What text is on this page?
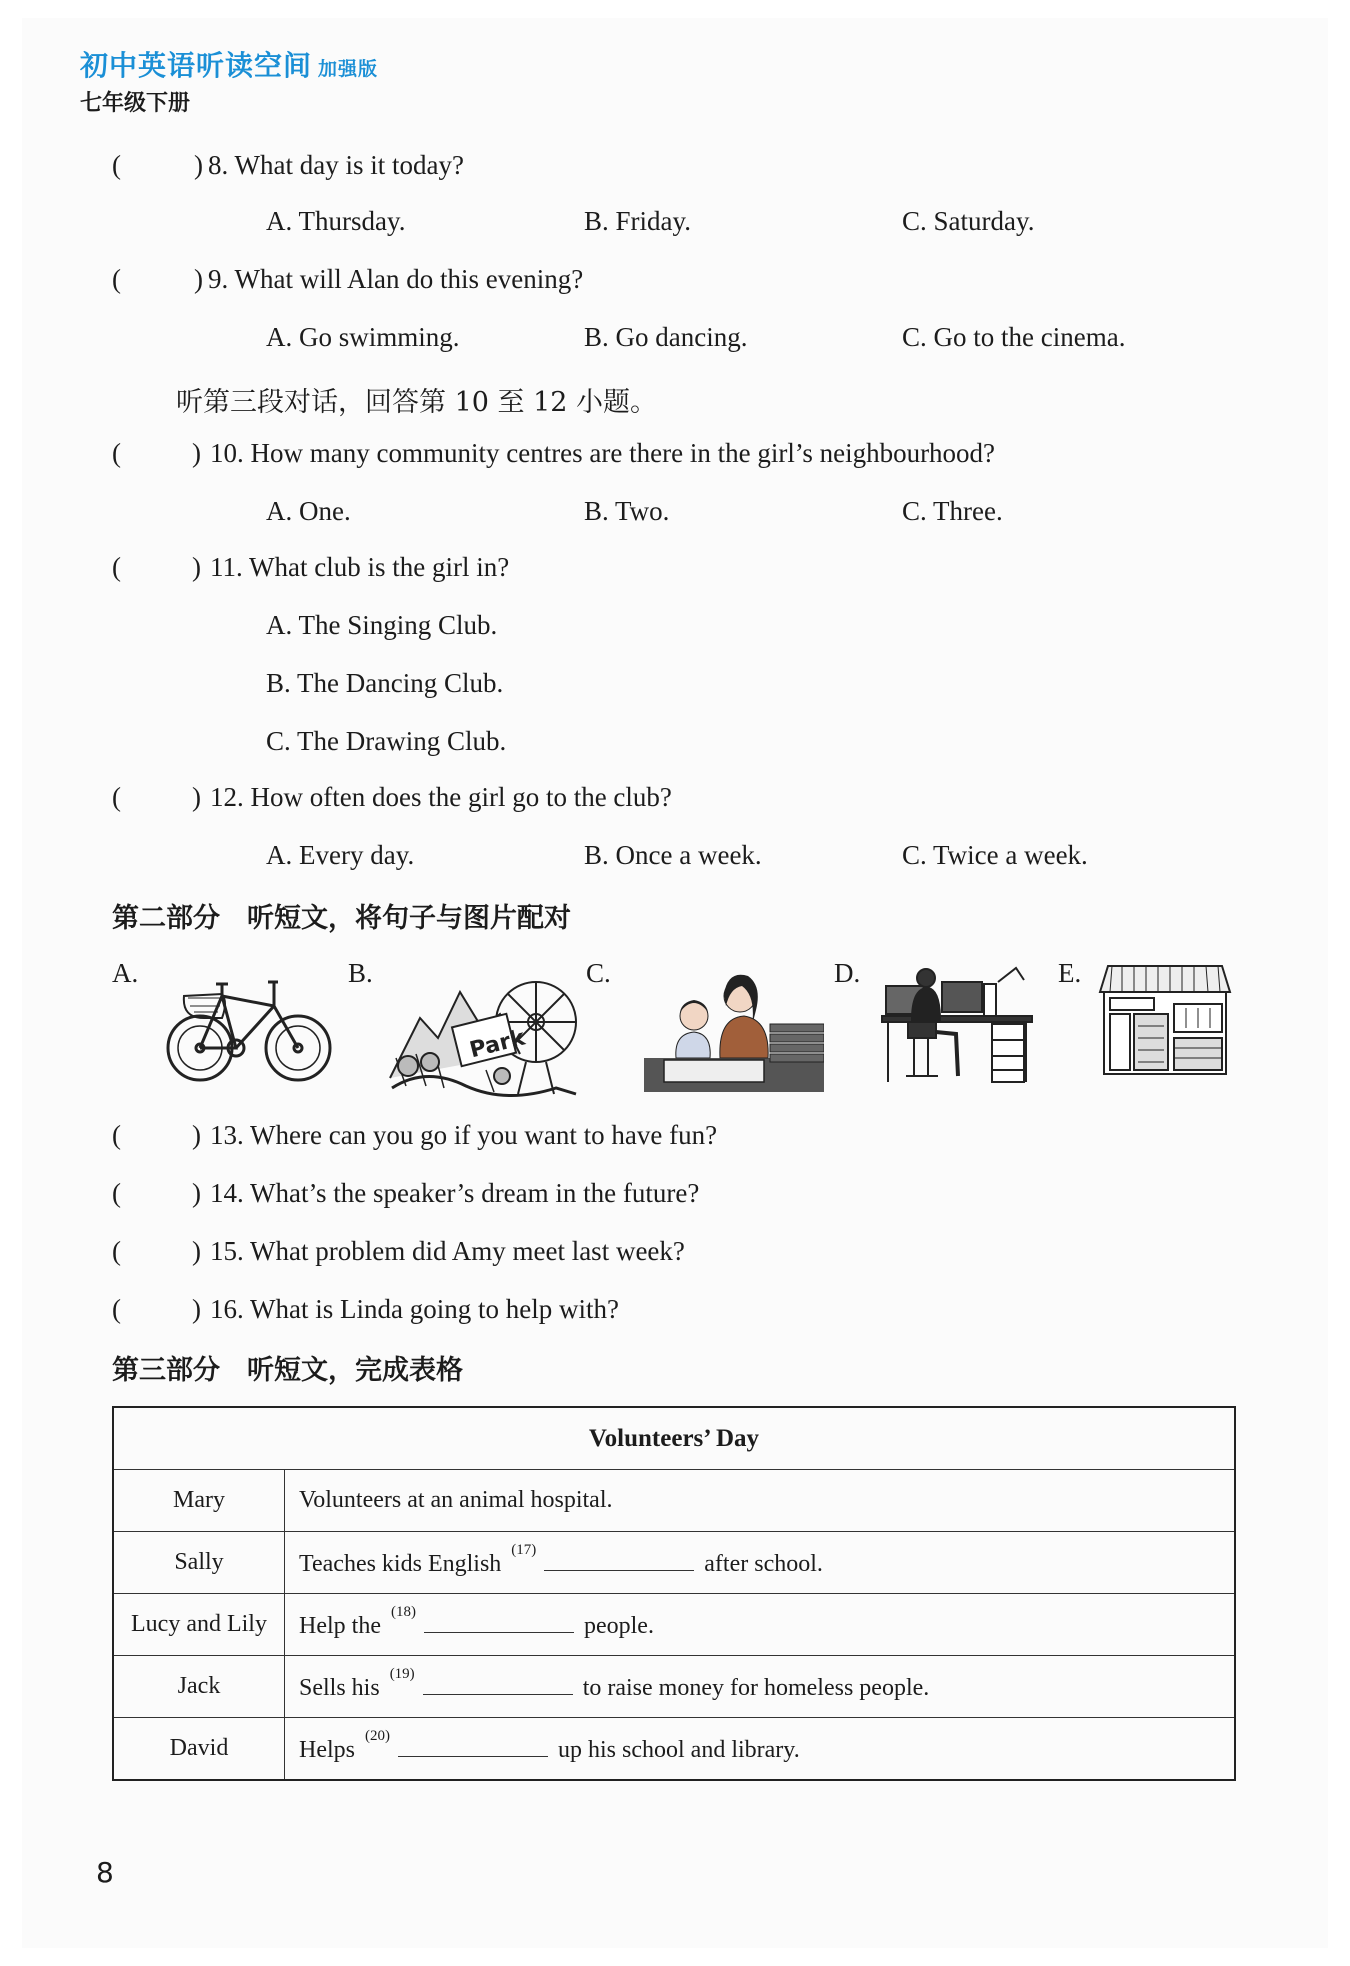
初中英语听读空间 加强版
七年级下册
(	) 8. What day is it today?
A. Thursday.	B. Friday.	C. Saturday.
(	) 9. What will Alan do this evening?
A. Go swimming.	B. Go dancing.	C. Go to the cinema.
听第三段对话，回答第 10 至 12 小题。
(	) 10. How many community centres are there in the girl’s neighbourhood?
A. One.	B. Two.	C. Three.
(	) 11. What club is the girl in?
A. The Singing Club.
B. The Dancing Club.
C. The Drawing Club.
(	) 12. How often does the girl go to the club?
A. Every day.	B. Once a week.	C. Twice a week.
第二部分　听短文，将句子与图片配对
A.	B.	C.	D.	E.
Park
(	) 13. Where can you go if you want to have fun?
(	) 14. What’s the speaker’s dream in the future?
(	) 15. What problem did Amy meet last week?
(	) 16. What is Linda going to help with?
第三部分　听短文，完成表格
Volunteers’ Day	
Mary	Volunteers at an animal hospital.
Sally	Teaches kids English$^{(17)}$after school.
Lucy and Lily	Help the$^{(18)}$people.
Jack	Sells his$^{(19)}$to raise money for homeless people.
David	Helps$^{(20)}$up his school and library.
8
